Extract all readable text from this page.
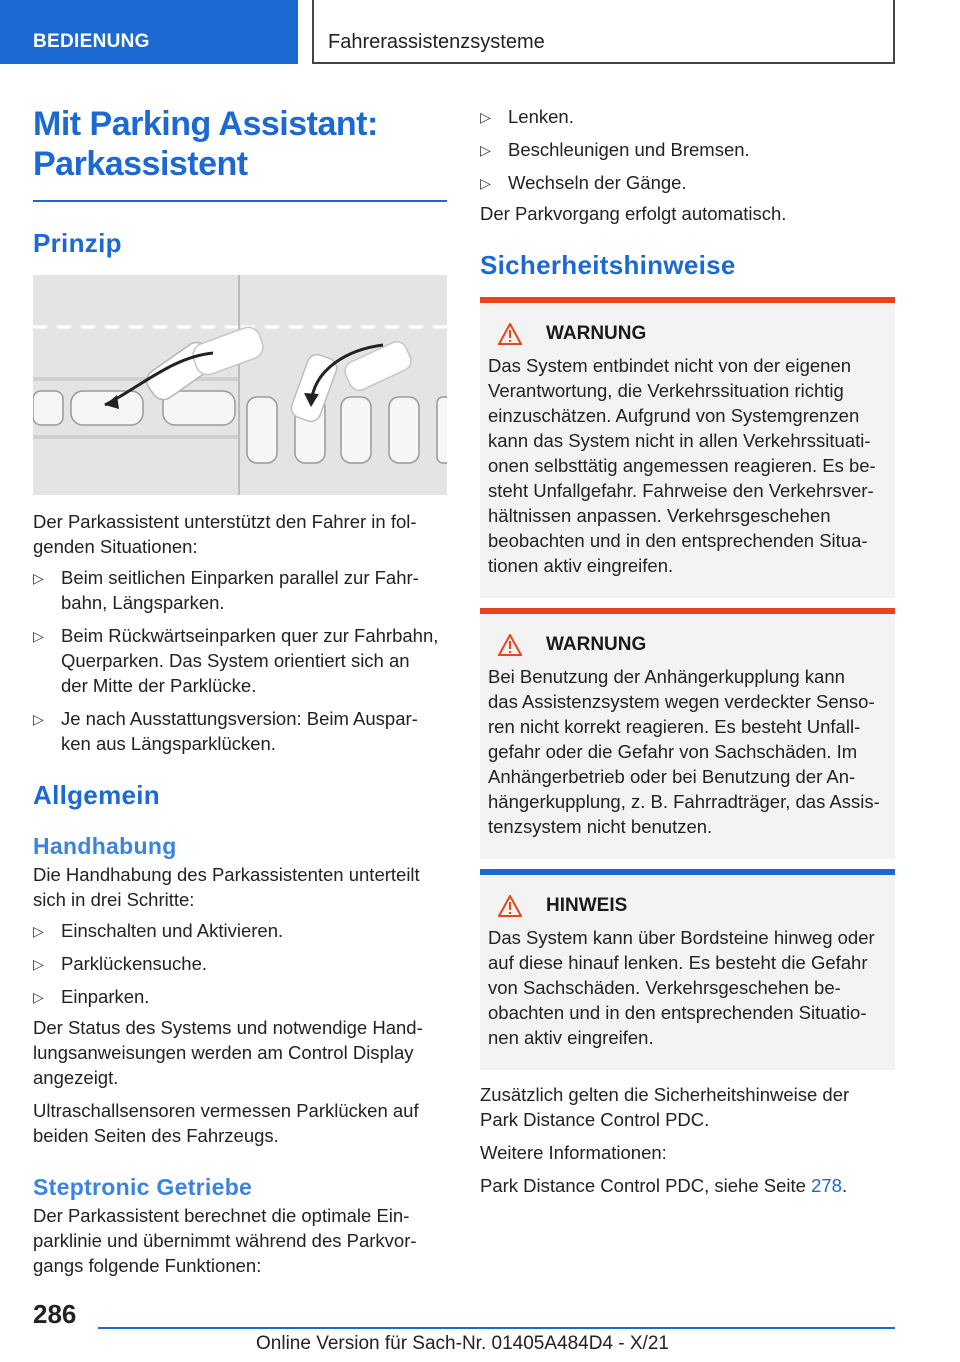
BEDIENUNG	Fahrerassistenzsysteme
Mit Parking Assistant:
Parkassistent
Prinzip

Der Parkassistent unterstützt den Fahrer in fol-
genden Situationen:

▷ Beim seitlichen Einparken parallel zur Fahr-
bahn, Längsparken.
▷ Beim Rückwärtseinparken quer zur Fahrbahn,
Querparken. Das System orientiert sich an
der Mitte der Parklücke.
▷ Je nach Ausstattungsversion: Beim Auspar-
ken aus Längsparklücken.
Allgemein
Handhabung

Die Handhabung des Parkassistenten unterteilt
sich in drei Schritte:

▷ Einschalten und Aktivieren.
▷ Parklückensuche.
▷ Einparken.

Der Status des Systems und notwendige Hand-
lungsanweisungen werden am Control Display
angezeigt.

Ultraschallsensoren vermessen Parklücken auf
beiden Seiten des Fahrzeugs.

Steptronic Getriebe

Der Parkassistent berechnet die optimale Ein-
parklinie und übernimmt während des Parkvor-
gangs folgende Funktionen:

▷ Lenken.
▷ Beschleunigen und Bremsen.
▷ Wechseln der Gänge.

Der Parkvorgang erfolgt automatisch.

Sicherheitshinweise
WARNUNG

Das System entbindet nicht von der eigenen
Verantwortung, die Verkehrssituation richtig
einzuschätzen. Aufgrund von Systemgrenzen
kann das System nicht in allen Verkehrssituati-
onen selbsttätig angemessen reagieren. Es be-
steht Unfallgefahr. Fahrweise den Verkehrsver-
hältnissen anpassen. Verkehrsgeschehen
beobachten und in den entsprechenden Situa-
tionen aktiv eingreifen.

WARNUNG

Bei Benutzung der Anhängerkupplung kann
das Assistenzsystem wegen verdeckter Senso-
ren nicht korrekt reagieren. Es besteht Unfall-
gefahr oder die Gefahr von Sachschäden. Im
Anhängerbetrieb oder bei Benutzung der An-
hängerkupplung, z. B. Fahrradträger, das Assis-
tenzsystem nicht benutzen.

HINWEIS

Das System kann über Bordsteine hinweg oder
auf diese hinauf lenken. Es besteht die Gefahr
von Sachschäden. Verkehrsgeschehen be-
obachten und in den entsprechenden Situatio-
nen aktiv eingreifen.

Zusätzlich gelten die Sicherheitshinweise der
Park Distance Control PDC.

Weitere Informationen:

Park Distance Control PDC, siehe Seite 278.

286
Online Version für Sach-Nr. 01405A484D4 - X/21
